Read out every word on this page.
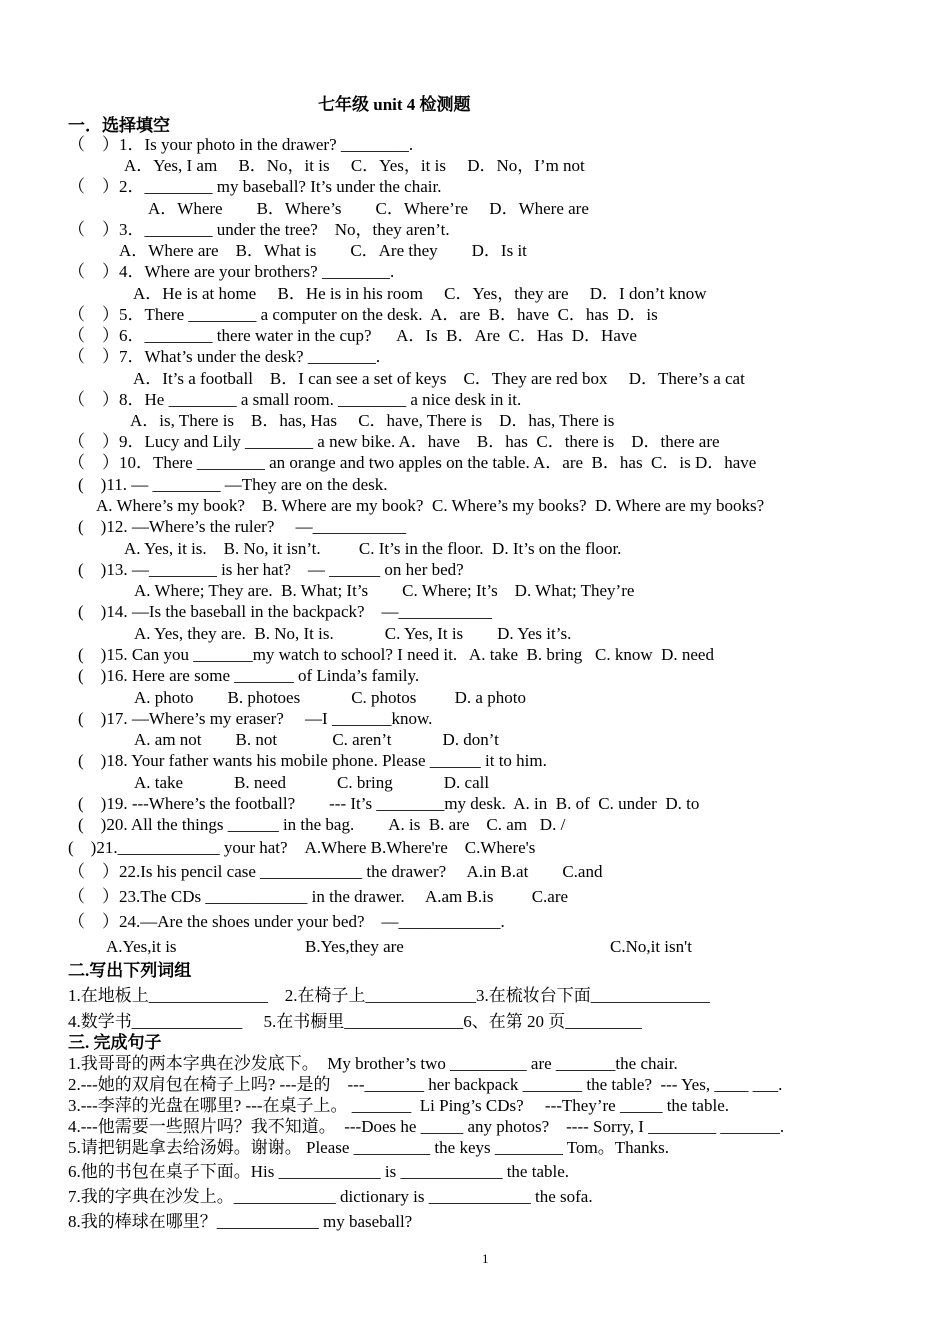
七年级 unit 4 检测题
一．选择填空
（　）1．Is your photo in the drawer? ________.
A．Yes, I am　 B．No，it is　 C．Yes，it is　 D．No，I’m not
（　）2．________ my baseball? It’s under the chair.
A．Where　　B．Where’s　　C．Where’re　 D．Where are
（　）3．________ under the tree?　No，they aren’t.
A．Where are　B．What is　　C．Are they　　D．Is it
（　）4．Where are your brothers? ________.
A．He is at home　 B．He is in his room　 C．Yes，they are　 D．I don’t know
（　）5．There ________ a computer on the desk.  A．are  B．have  C．has  D．is
（　）6．________ there water in the cup?　  A．Is  B．Are  C．Has  D．Have
（　）7．What’s under the desk? ________.
A．It’s a football　B．I can see a set of keys　C．They are red box　 D．There’s a cat
（　）8．He ________ a small room. ________ a nice desk in it.
A．is, There is　B．has, Has　 C．have, There is　D．has, There is
（　）9．Lucy and Lily ________ a new bike. A．have　B．has  C．there is　D．there are
（　）10．There ________ an orange and two apples on the table. A．are  B．has  C．is D．have
(　)11. — ________ —They are on the desk.
A. Where’s my book?　B. Where are my book?  C. Where’s my books?  D. Where are my books?
(　)12. —Where’s the ruler?　 —___________
A. Yes, it is.　B. No, it isn’t.　　 C. It’s in the floor.  D. It’s on the floor.
(　)13. —________ is her hat?　— ______ on her bed?
A. Where; They are.  B. What; It’s　　C. Where; It’s　D. What; They’re
(　)14. —Is the baseball in the backpack?　—___________
A. Yes, they are.  B. No, It is.　　　C. Yes, It is　　D. Yes it’s.
(　)15. Can you _______my watch to school? I need it.   A. take  B. bring   C. know  D. need
(　)16. Here are some _______ of Linda’s family.
A. photo　　B. photoes　　　C. photos　　 D. a photo
(　)17. —Where’s my eraser?　 —I _______know.
A. am not　　B. not　　　 C. aren’t　　　D. don’t
(　)18. Your father wants his mobile phone. Please ______ it to him.
A. take　　　B. need　　　C. bring　　　D. call
(　)19. ---Where’s the football?　　--- It’s ________my desk.  A. in  B. of  C. under  D. to
(　)20. All the things ______ in the bag.　　A. is  B. are　C. am   D. /
(　)21.____________ your hat?　A.Where B.Where're　C.Where's
（　）22.Is his pencil case ____________ the drawer?　 A.in B.at　　C.and
（　）23.The CDs ____________ in the drawer.　 A.am B.is　　 C.are
（　）24.—Are the shoes under your bed?　—____________.
A.Yes,it is	B.Yes,they are	C.No,it isn't
二.写出下列词组
1.在地板上______________　2.在椅子上_____________3.在梳妆台下面______________
4.数学书_____________　 5.在书橱里______________6、在第 20 页_________
三. 完成句子
1.我哥哥的两本字典在沙发底下。  My brother’s two _________ are _______the chair.
2.---她的双肩包在椅子上吗? ---是的　---_______ her backpack _______ the table?  --- Yes, ____ ___.
3.---李萍的光盘在哪里? ---在桌子上。 _______  Li Ping’s CDs?　 ---They’re _____ the table.
4.---他需要一些照片吗？我不知道。  ---Does he _____ any photos?　---- Sorry, I ________ _______.
5.请把钥匙拿去给汤姆。谢谢。 Please _________ the keys ________ Tom。Thanks.
6.他的书包在桌子下面。His ____________ is ____________ the table.
7.我的字典在沙发上。____________ dictionary is ____________ the sofa.
8.我的棒球在哪里？____________ my baseball?
1
